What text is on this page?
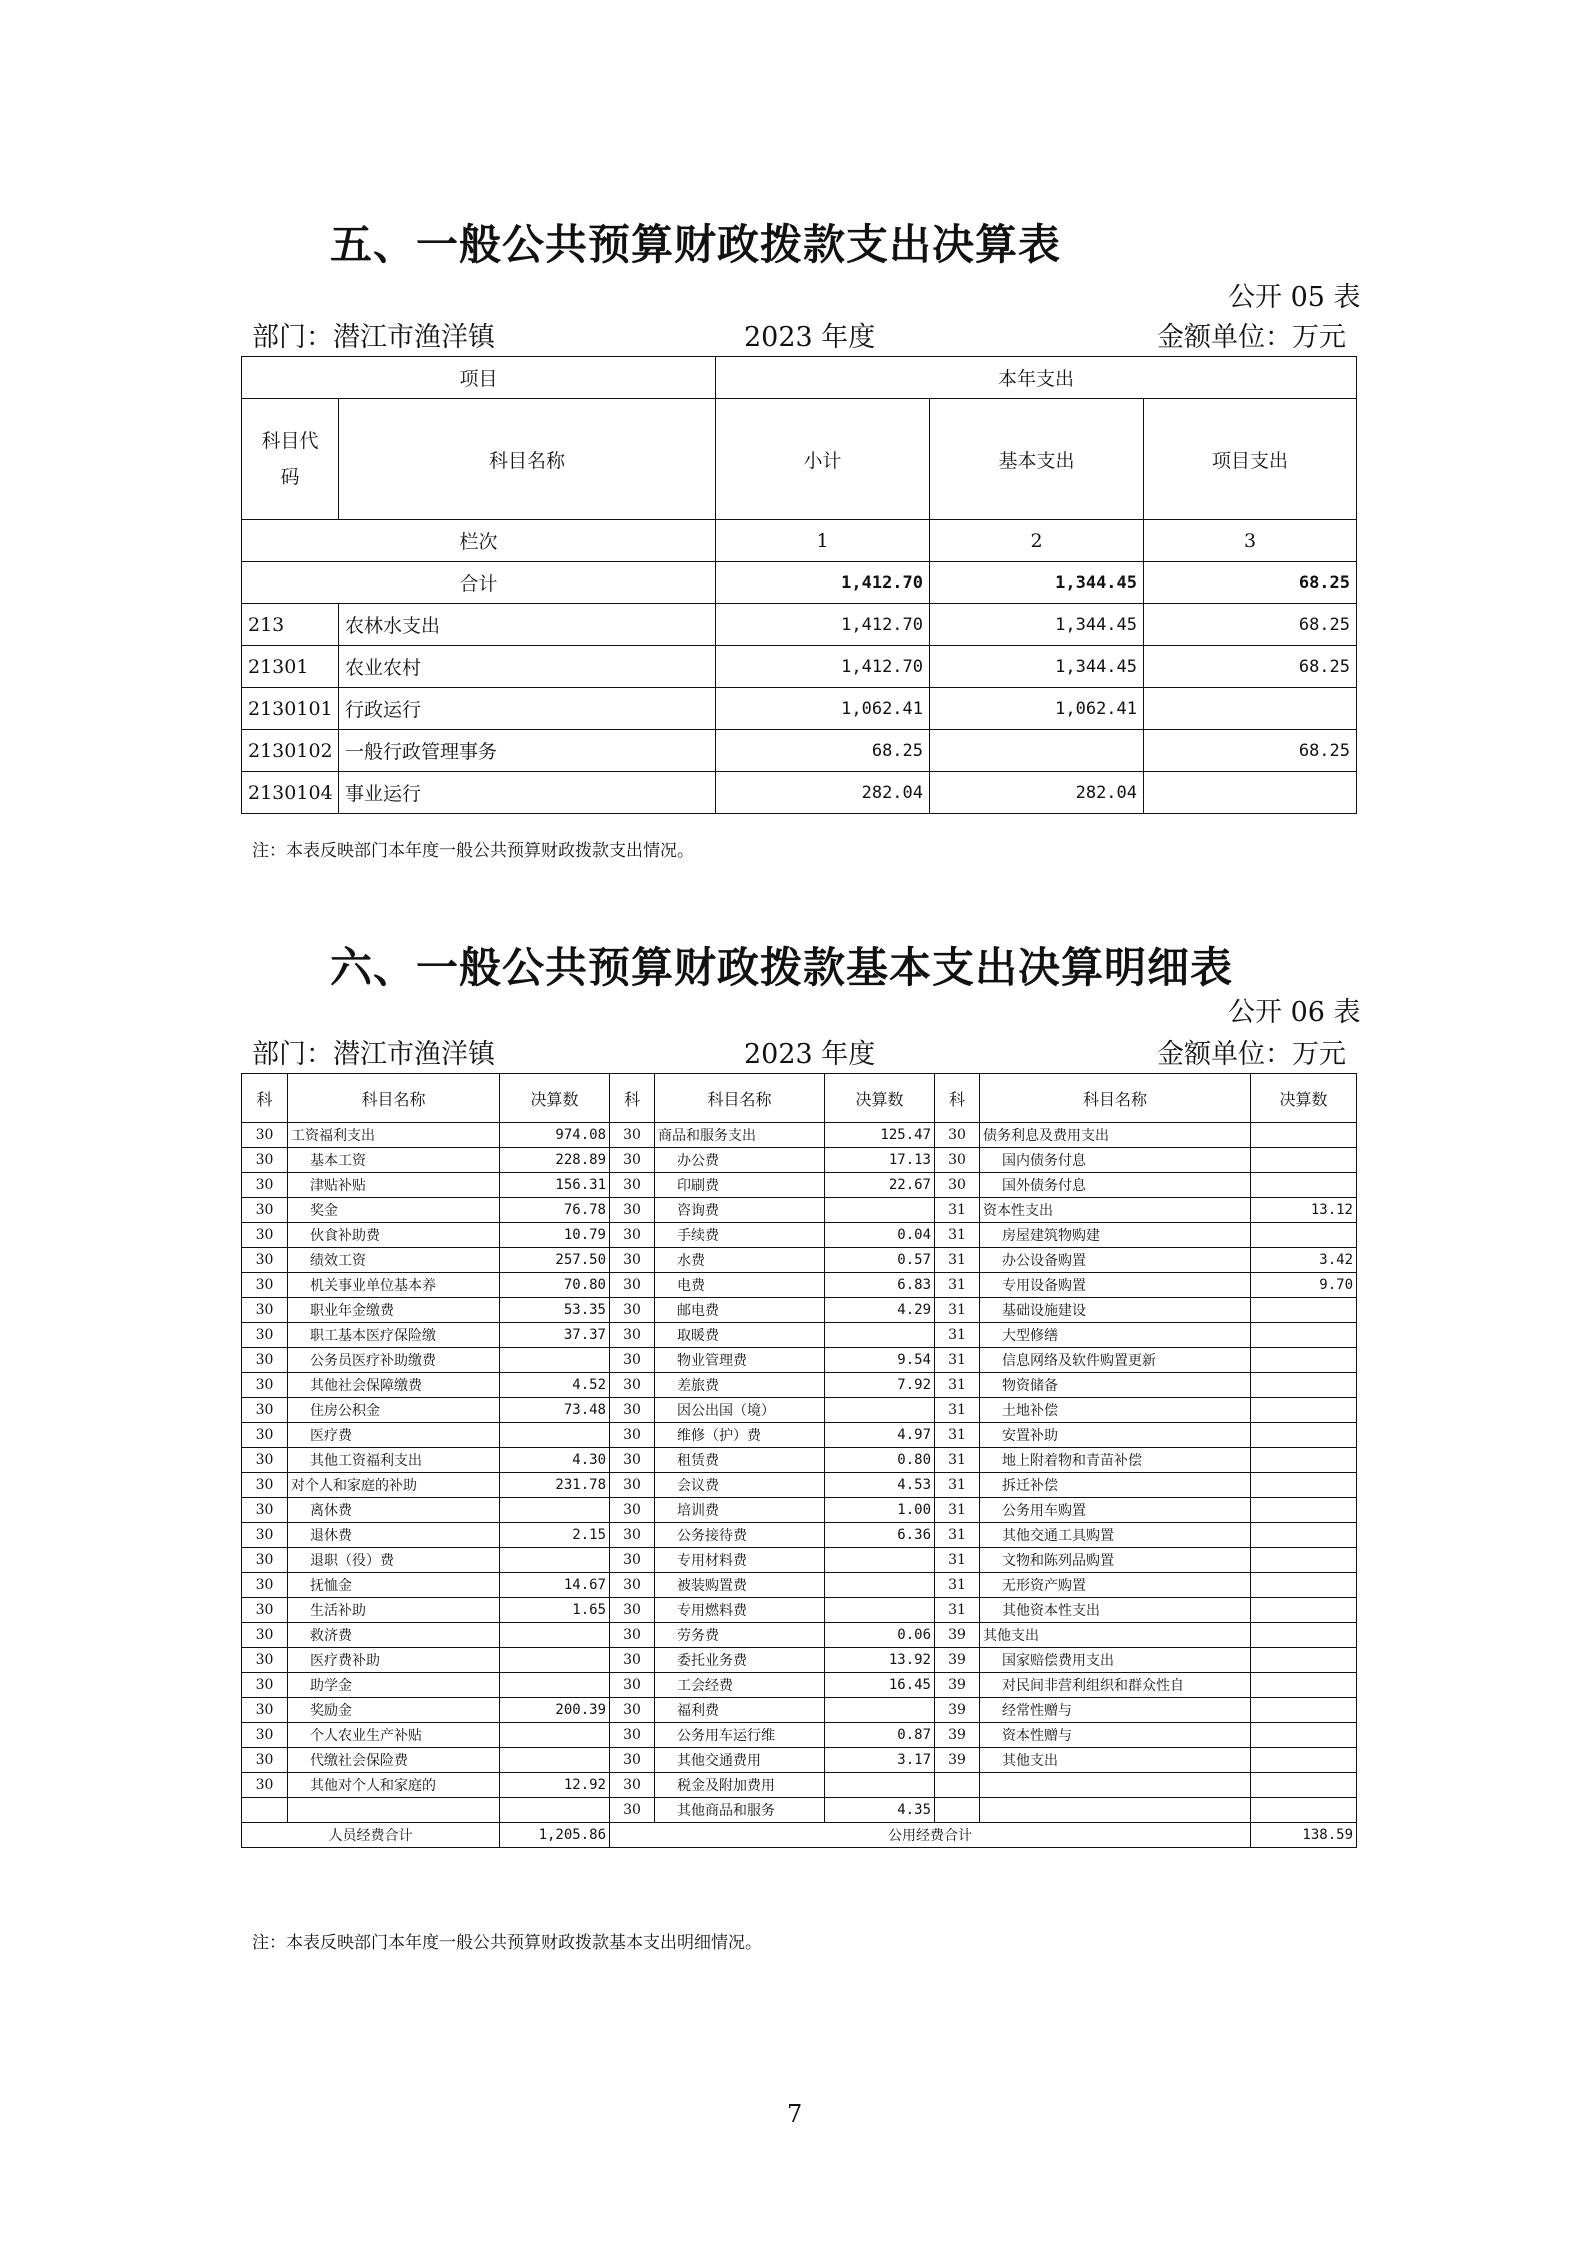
五、一般公共预算财政拨款支出决算表
公开 05 表
部门：潜江市渔洋镇	2023 年度	金额单位：万元
项目		本年支出		
科目代码	科目名称	小计	基本支出	项目支出
栏次		1	2	3
合计		1,412.70	1,344.45	68.25
213	农林水支出	1,412.70	1,344.45	68.25
21301	农业农村	1,412.70	1,344.45	68.25
2130101	行政运行	1,062.41	1,062.41	
2130102	一般行政管理事务	68.25		68.25
2130104	事业运行	282.04	282.04	
注：本表反映部门本年度一般公共预算财政拨款支出情况。
六、一般公共预算财政拨款基本支出决算明细表
公开 06 表
部门：潜江市渔洋镇	2023 年度	金额单位：万元
科	科目名称	决算数	科	科目名称	决算数	科	科目名称	决算数
30	工资福利支出	974.08	30	商品和服务支出	125.47	30	债务利息及费用支出	
30	基本工资	228.89	30	办公费	17.13	30	国内债务付息	
30	津贴补贴	156.31	30	印刷费	22.67	30	国外债务付息	
30	奖金	76.78	30	咨询费		31	资本性支出	13.12
30	伙食补助费	10.79	30	手续费	0.04	31	房屋建筑物购建	
30	绩效工资	257.50	30	水费	0.57	31	办公设备购置	3.42
30	机关事业单位基本养	70.80	30	电费	6.83	31	专用设备购置	9.70
30	职业年金缴费	53.35	30	邮电费	4.29	31	基础设施建设	
30	职工基本医疗保险缴	37.37	30	取暖费		31	大型修缮	
30	公务员医疗补助缴费		30	物业管理费	9.54	31	信息网络及软件购置更新	
30	其他社会保障缴费	4.52	30	差旅费	7.92	31	物资储备	
30	住房公积金	73.48	30	因公出国（境）		31	土地补偿	
30	医疗费		30	维修（护）费	4.97	31	安置补助	
30	其他工资福利支出	4.30	30	租赁费	0.80	31	地上附着物和青苗补偿	
30	对个人和家庭的补助	231.78	30	会议费	4.53	31	拆迁补偿	
30	离休费		30	培训费	1.00	31	公务用车购置	
30	退休费	2.15	30	公务接待费	6.36	31	其他交通工具购置	
30	退职（役）费		30	专用材料费		31	文物和陈列品购置	
30	抚恤金	14.67	30	被装购置费		31	无形资产购置	
30	生活补助	1.65	30	专用燃料费		31	其他资本性支出	
30	救济费		30	劳务费	0.06	39	其他支出	
30	医疗费补助		30	委托业务费	13.92	39	国家赔偿费用支出	
30	助学金		30	工会经费	16.45	39	对民间非营利组织和群众性自	
30	奖励金	200.39	30	福利费		39	经常性赠与	
30	个人农业生产补贴		30	公务用车运行维	0.87	39	资本性赠与	
30	代缴社会保险费		30	其他交通费用	3.17	39	其他支出	
30	其他对个人和家庭的	12.92	30	税金及附加费用				
			30	其他商品和服务	4.35			
人员经费合计		1,205.86	公用经费合计					138.59
注：本表反映部门本年度一般公共预算财政拨款基本支出明细情况。
7
